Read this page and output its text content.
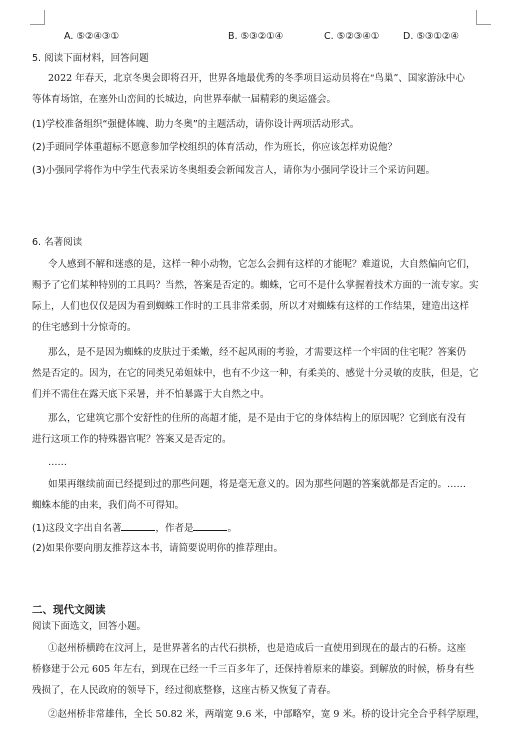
A. ⑤②④③①	B. ⑤③②①④	C. ⑤②③④① D. ⑤③①②④
5. 阅读下面材料，回答问题
2022 年春天，北京冬奥会即将召开，世界各地最优秀的冬季项目运动员将在“鸟巢”、国家游泳中心
等体育场馆，在塞外山峦间的长城边，向世界奉献一届精彩的奥运盛会。
(1)学校准备组织“强健体魄、助力冬奥”的主题活动，请你设计两项活动形式。
(2)手頭同学体重超标不愿意参加学校组织的体育活动，作为班长，你应该怎样劝说他？
(3)小强同学将作为中学生代表采访冬奥组委会新闻发言人，请你为小强同学设计三个采访问题。
6. 名著阅读
令人感到不解和迷惑的是，这样一种小动物，它怎么会拥有这样的才能呢？难道说，大自然偏向它们，
赐予了它们某种特别的工具吗？当然，答案是否定的。蜘蛛，它可不是什么掌握着技术方面的一流专家。实
际上，人们也仅仅是因为看到蜘蛛工作时的工具非常柔弱，所以才对蜘蛛有这样的工作结果，建造出这样
的住宅感到十分惊奇的。
那么，是不是因为蜘蛛的皮肤过于柔嫩，经不起风雨的考验，才需要这样一个牢固的住宅呢？答案仍
然是否定的。因为，在它的同类兄弟姐妹中，也有不少这一种，有柔美的、感觉十分灵敏的皮肤，但是，它
们并不需住在露天底下采暑，并不怕暴露于大自然之中。
那么，它建筑它那个安舒性的住所的高超才能，是不是由于它的身体结构上的原因呢？它到底有没有
进行这项工作的特殊器官呢？答案又是否定的。
……
如果再继续前面已经提到过的那些问题，将是毫无意义的。因为那些问题的答案就都是否定的。……
蜘蛛本能的由来，我们尚不可得知。
(1)这段文字出自名著	，作者是	。
(2)如果你要向朋友推荐这本书，请简要说明你的推荐理由。
二、现代文阅读
阅读下面选文，回答小题。
①赵州桥横跨在汶河上，是世界著名的古代石拱桥，也是造成后一直使用到现在的最古的石桥。这座
桥修建于公元 605 年左右，到现在已经一千三百多年了，还保持着原来的雄姿。到解放的时候，桥身有些
残损了，在人民政府的领导下，经过彻底整修，这座古桥又恢复了青春。
②赵州桥非常雄伟，全长 50.82 米，两端宽 9.6 米，中部略窄，宽 9 米。桥的设计完全合乎科学原理，
